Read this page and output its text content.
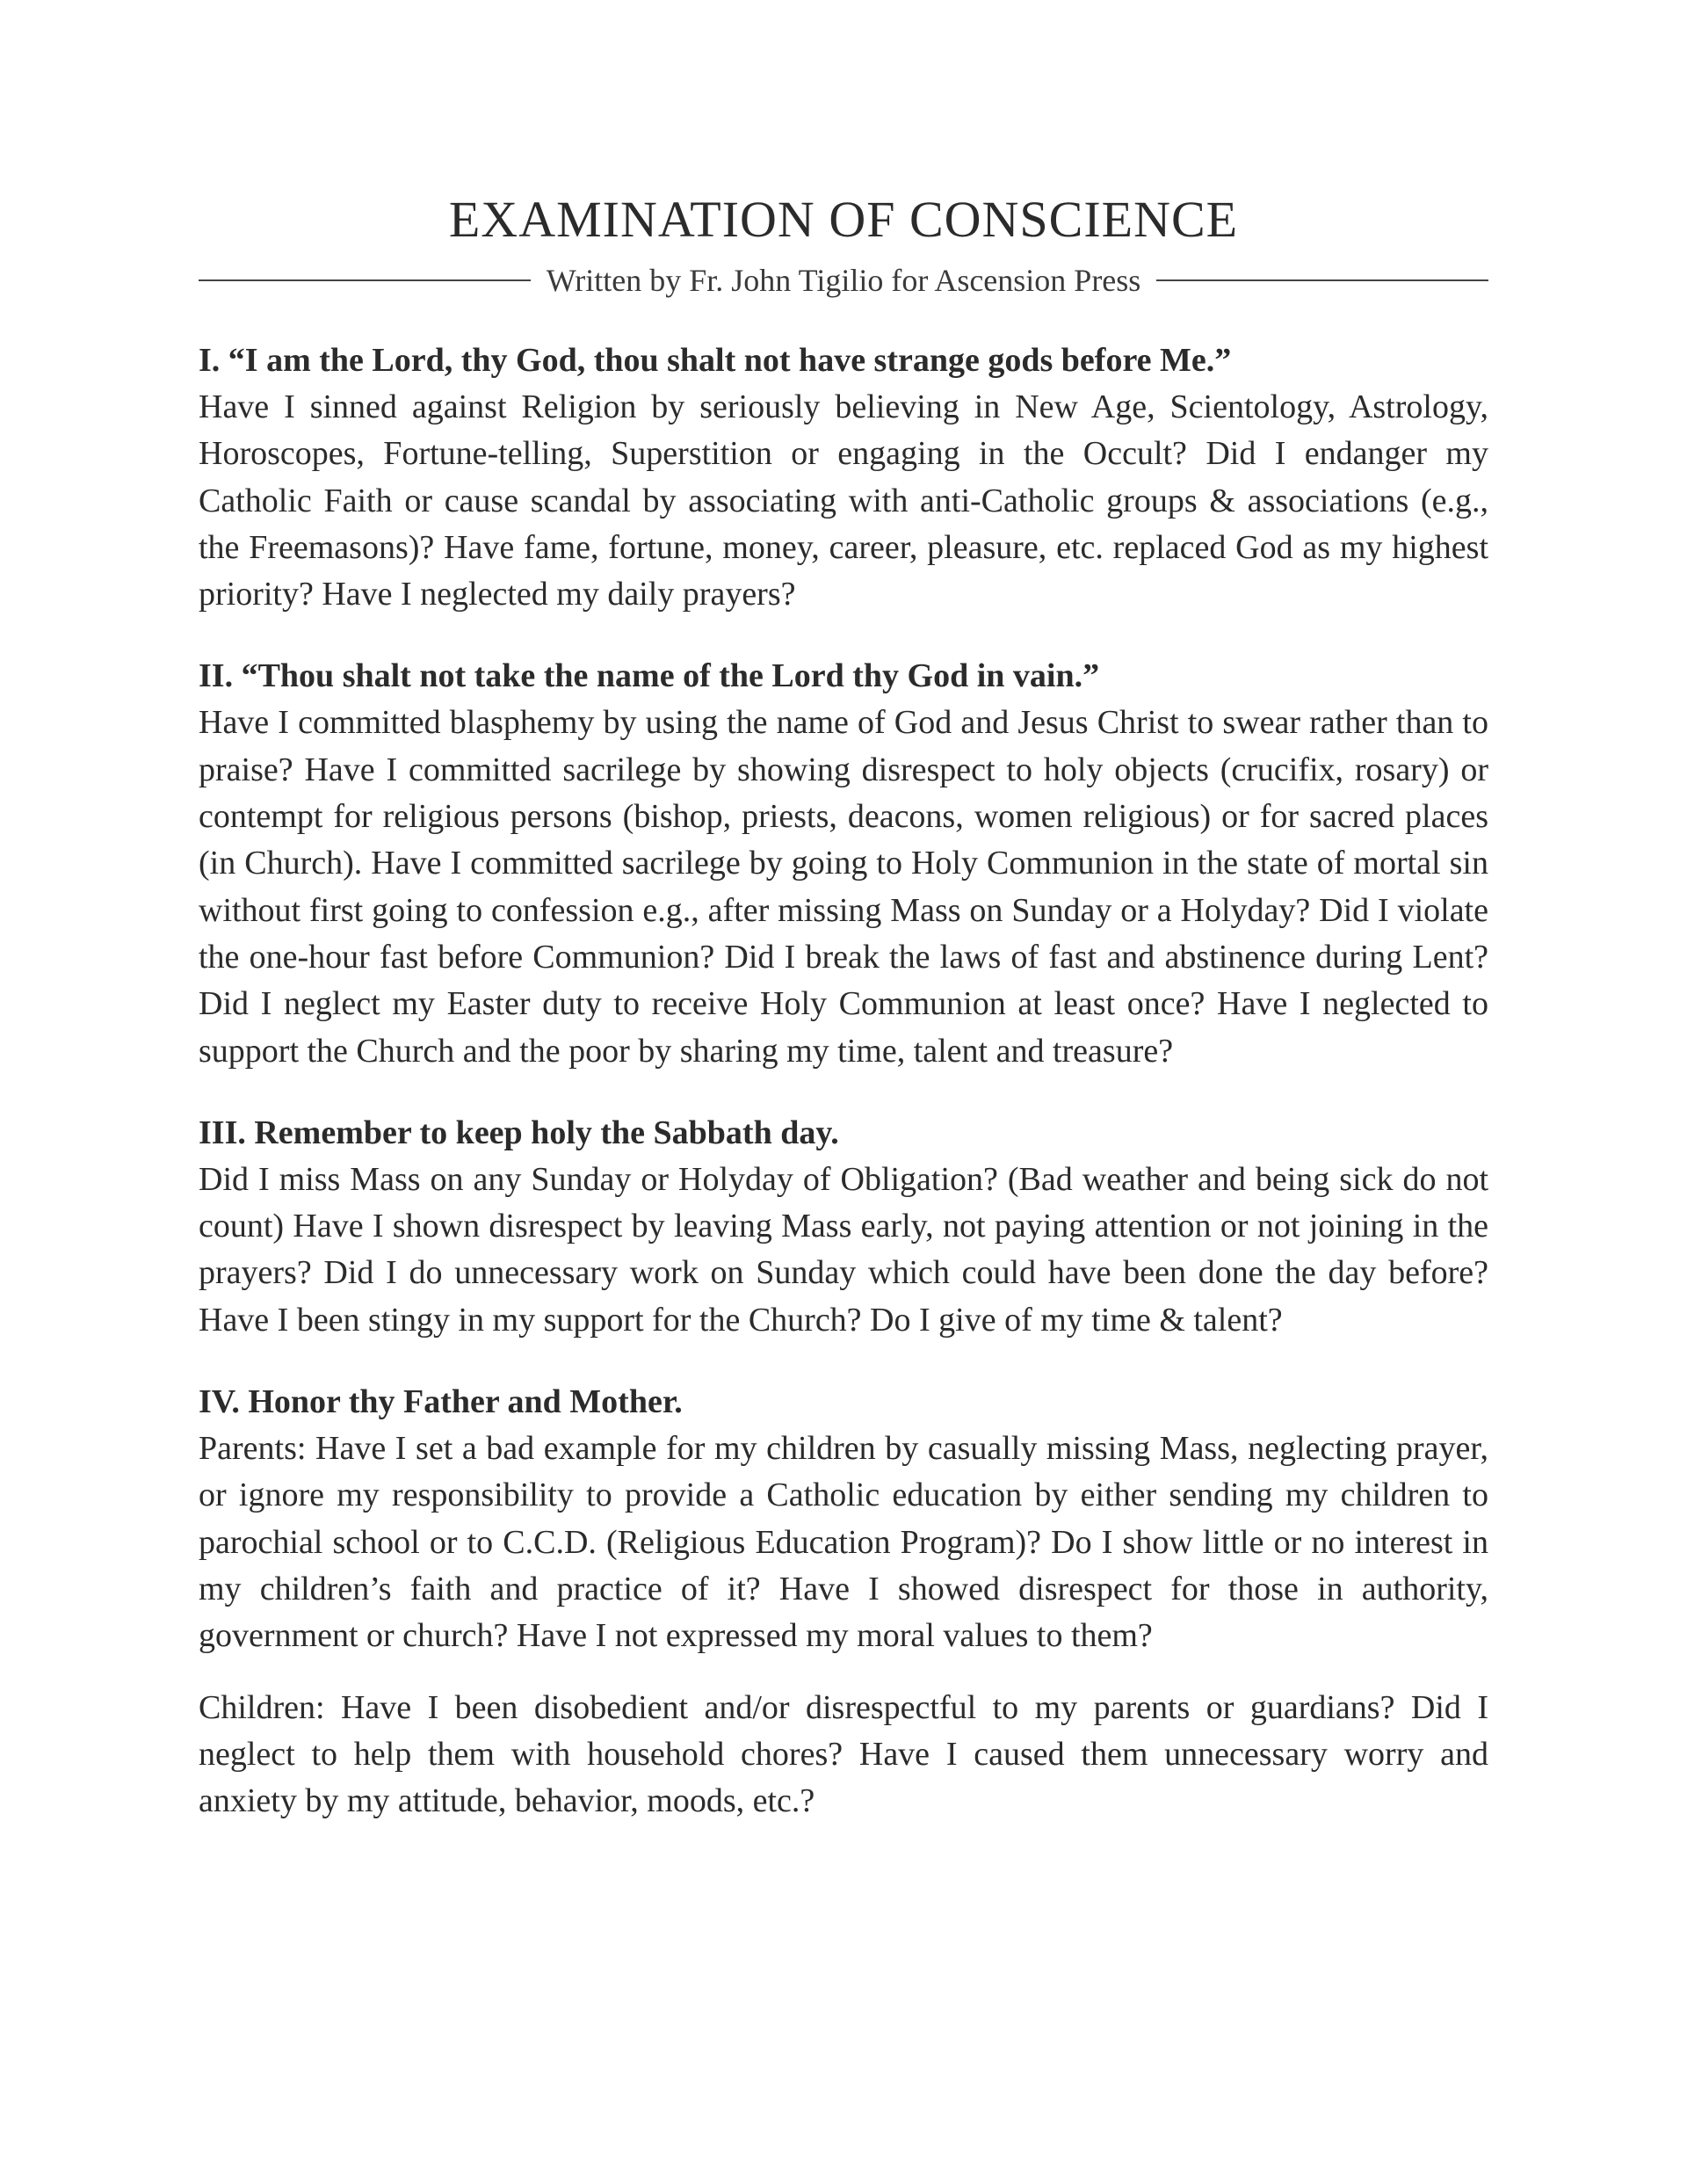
EXAMINATION OF CONSCIENCE
Written by Fr. John Tigilio for Ascension Press

I. “I am the Lord, thy God, thou shalt not have strange gods before Me.”

Have I sinned against Religion by seriously believing in New Age, Scientology, Astrology, Horoscopes, Fortune-telling, Superstition or engaging in the Occult? Did I endanger my Catholic Faith or cause scandal by associating with anti-Catholic groups & associations (e.g., the Freemasons)? Have fame, fortune, money, career, pleasure, etc. replaced God as my highest priority? Have I neglected my daily prayers?

II. “Thou shalt not take the name of the Lord thy God in vain.”

Have I committed blasphemy by using the name of God and Jesus Christ to swear rather than to praise? Have I committed sacrilege by showing disrespect to holy objects (crucifix, rosary) or contempt for religious persons (bishop, priests, deacons, women religious) or for sacred places (in Church). Have I committed sacrilege by going to Holy Communion in the state of mortal sin without first going to confession e.g., after missing Mass on Sunday or a Holyday? Did I violate the one-hour fast before Communion? Did I break the laws of fast and abstinence during Lent? Did I neglect my Easter duty to receive Holy Communion at least once? Have I neglected to support the Church and the poor by sharing my time, talent and treasure?

III. Remember to keep holy the Sabbath day.

Did I miss Mass on any Sunday or Holyday of Obligation? (Bad weather and being sick do not count) Have I shown disrespect by leaving Mass early, not paying attention or not joining in the prayers? Did I do unnecessary work on Sunday which could have been done the day before? Have I been stingy in my support for the Church? Do I give of my time & talent?

IV. Honor thy Father and Mother.

Parents: Have I set a bad example for my children by casually missing Mass, neglecting prayer, or ignore my responsibility to provide a Catholic education by either sending my children to parochial school or to C.C.D. (Religious Education Program)? Do I show little or no interest in my children’s faith and practice of it? Have I showed disrespect for those in authority, government or church? Have I not expressed my moral values to them?

Children: Have I been disobedient and/or disrespectful to my parents or guardians? Did I neglect to help them with household chores? Have I caused them unnecessary worry and anxiety by my attitude, behavior, moods, etc.?
